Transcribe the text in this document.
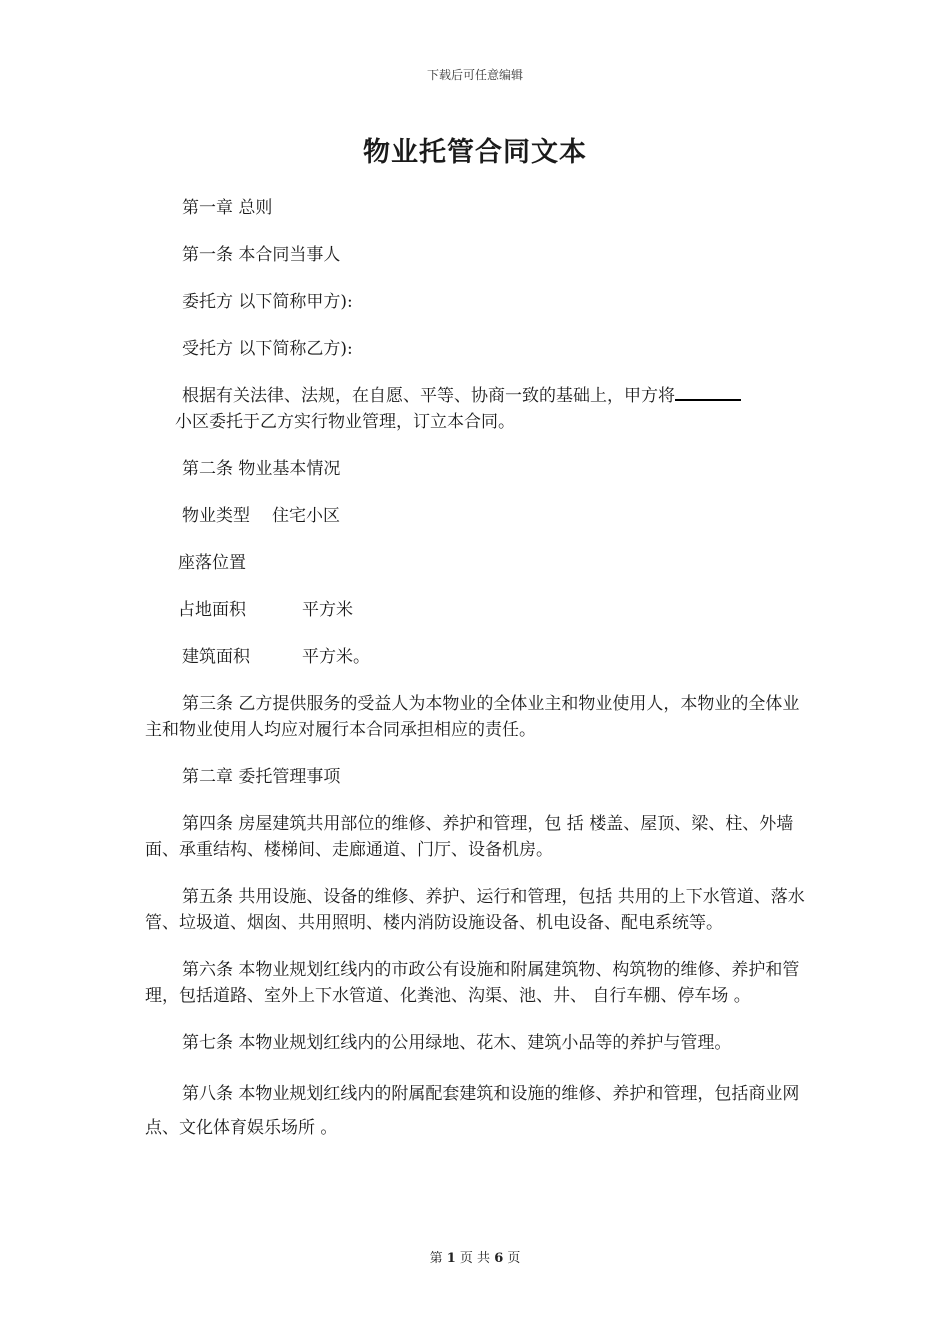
下载后可任意编辑
物业托管合同文本

第一章 总则

第一条 本合同当事人

委托方 以下简称甲方):

受托方 以下简称乙方):

根据有关法律、法规，在自愿、平等、协商一致的基础上，甲方将

小区委托于乙方实行物业管理，订立本合同。

第二条 物业基本情况

物业类型 住宅小区

座落位置

占地面积	平方米

建筑面积	平方米。

第三条 乙方提供服务的受益人为本物业的全体业主和物业使用人，本物业的全体业主和物业使用人均应对履行本合同承担相应的责任。

第二章 委托管理事项

第四条 房屋建筑共用部位的维修、养护和管理，包 括 楼盖、屋顶、梁、柱、外墙面、承重结构、楼梯间、走廊通道、门厅、设备机房。

第五条 共用设施、设备的维修、养护、运行和管理，包括 共用的上下水管道、落水管、垃圾道、烟囱、共用照明、楼内消防设施设备、机电设备、配电系统等。

第六条 本物业规划红线内的市政公有设施和附属建筑物、构筑物的维修、养护和管理，包括道路、室外上下水管道、化粪池、沟渠、池、井、 自行车棚、停车场 。

第七条 本物业规划红线内的公用绿地、花木、建筑小品等的养护与管理。

第八条 本物业规划红线内的附属配套建筑和设施的维修、养护和管理，包括商业网点、文化体育娱乐场所 。

第 1 页 共 6 页
